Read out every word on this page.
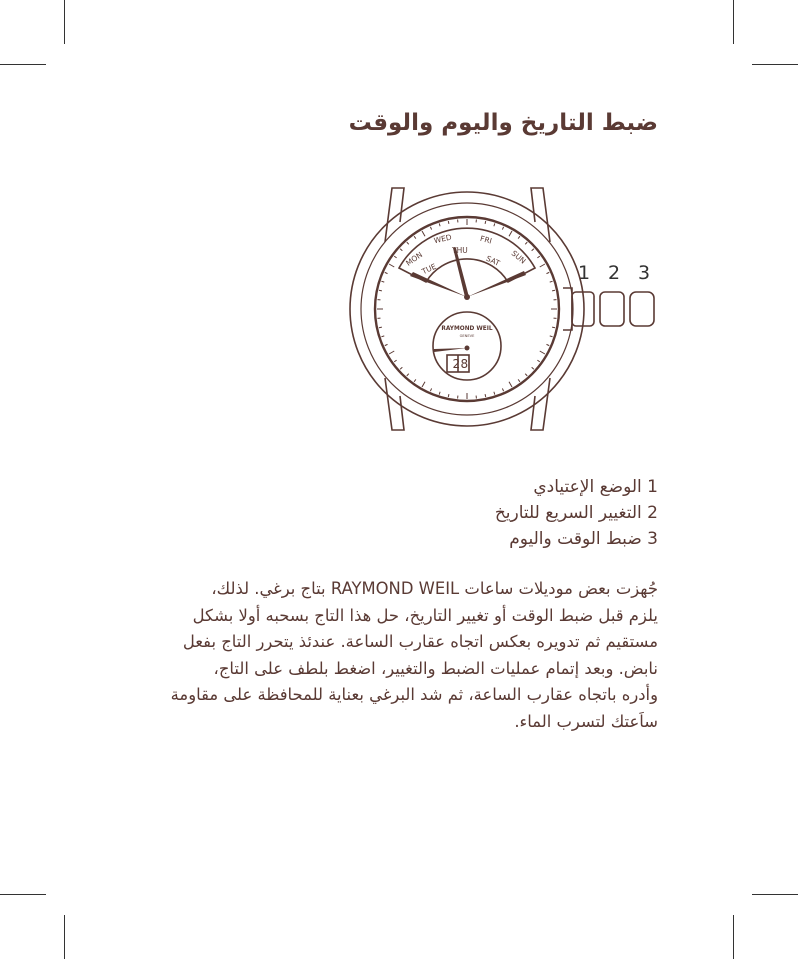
ضبط التاريخ واليوم والوقت
MON
WED	FRI
SUN
TUE
THU
SAT
RAYMOND WEIL
GENEVE
2 8
1 2 3
1 الوضع الإعتيادي
2 التغيير السريع للتاريخ
3 ضبط الوقت واليوم
جُهزت بعض موديلات ساعات RAYMOND WEIL بتاج برغي. لذلك،
يلزم قبل ضبط الوقت أو تغيير التاريخ، حل هذا التاج بسحبه أولا بشكل
مستقيم ثم تدويره بعكس اتجاه عقارب الساعة. عندئذ يتحرر التاج بفعل
نابض. وبعد إتمام عمليات الضبط والتغيير، اضغط بلطف على التاج،
وأدره باتجاه عقارب الساعة، ثم شد البرغي بعناية للمحافظة على مقاومة
ساَعتك لتسرب الماء.
